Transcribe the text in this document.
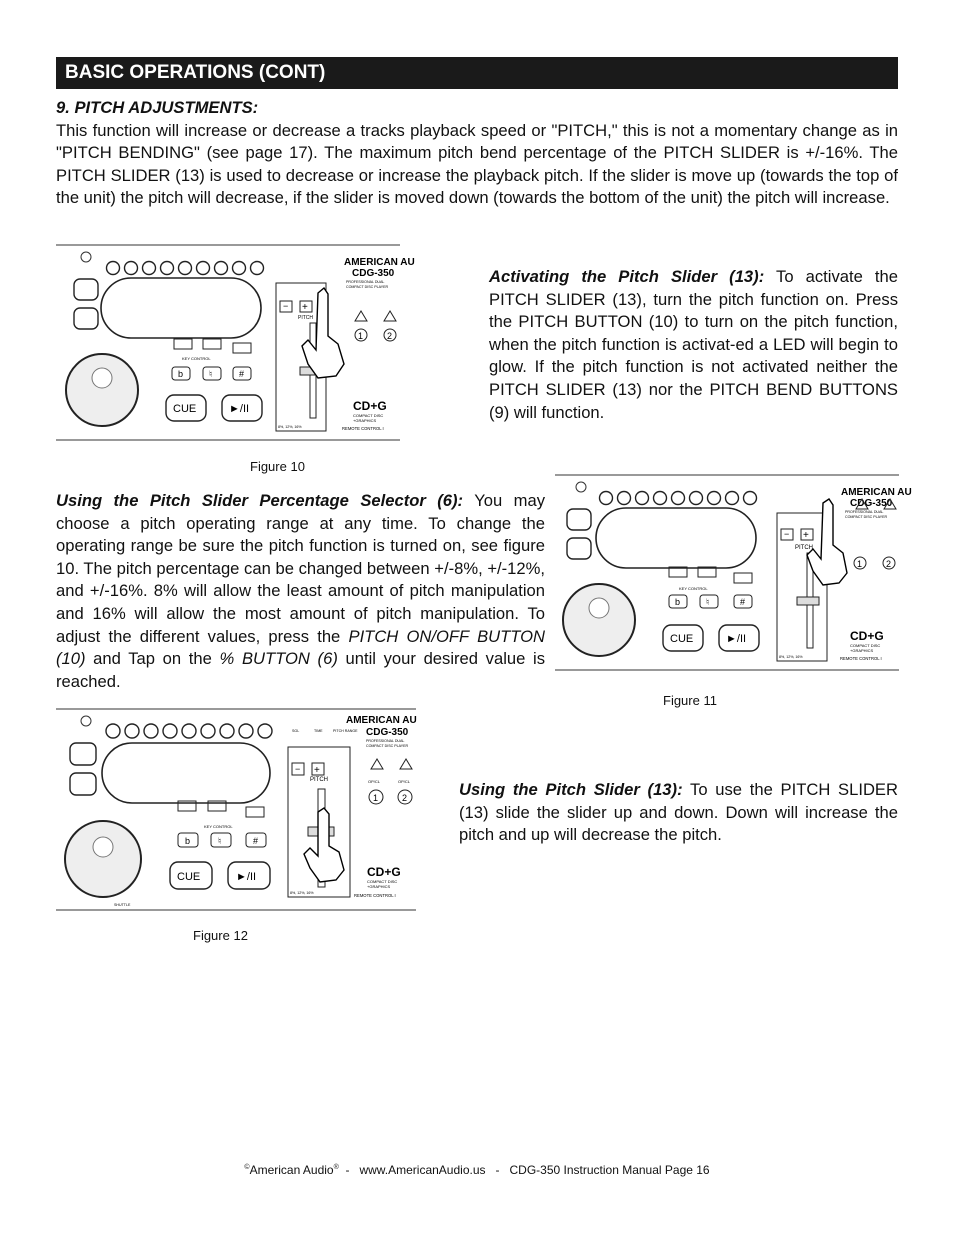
BASIC OPERATIONS (CONT)

9. PITCH ADJUSTMENTS:

This function will increase or decrease a tracks playback speed or "PITCH," this is not a momentary change as in "PITCH BENDING" (see page 17). The maximum pitch bend percentage of the PITCH SLIDER is +/-16%. The PITCH SLIDER (13) is used to decrease or increase the playback pitch. If the slider is move up (towards the top of the unit) the pitch will decrease, if the slider is moved down (towards the bottom of the unit) the pitch will increase.

KEY CONTROL
b	♮	#
CUE	►/II
AMERICAN AU
CDG-350
PROFESSIONAL DUAL
COMPACT DISC PLAYER
− +
PITCH
8%, 12%, 16%
1	2
CD+G
COMPACT DISC
+GRAPHICS
REMOTE CONTROL I
Figure 10

Activating the Pitch Slider (13): To activate the PITCH SLIDER (13), turn the pitch function on. Press the PITCH BUTTON (10) to turn on the pitch function, when the pitch function is activat-ed a LED will begin to glow. If the pitch function is not activated neither the PITCH SLIDER (13) nor the PITCH BEND BUTTONS (9) will function.

KEY CONTROL
b	♮	#
CUE	►/II
AMERICAN AU
CDG-350
PROFESSIONAL DUAL
COMPACT DISC PLAYER
− +
PITCH
8%, 12%, 16%
1	2
CD+G
COMPACT DISC
+GRAPHICS
REMOTE CONTROL I
Figure 11

Using the Pitch Slider Percentage Selector (6): You may choose a pitch operating range at any time. To change the operating range be sure the pitch function is turned on, see figure 10. The pitch percentage can be changed between +/-8%, +/-12%, and +/-16%. 8% will allow the least amount of pitch manipulation and 16% will allow the most amount of pitch manipulation. To adjust the different values, press the PITCH ON/OFF BUTTON (10) and Tap on the % BUTTON (6) until your desired value is reached.

KEY CONTROL
b	♮	#
CUE	►/II
AMERICAN AU
CDG-350
PROFESSIONAL DUAL
COMPACT DISC PLAYER
SGL	TIME	PITCH RANGE
− +
PITCH
8%, 12%, 16%
OP/CL	OP/CL
1	2
CD+G
COMPACT DISC
+GRAPHICS
REMOTE CONTROL I
SHUTTLE
Figure 12

Using the Pitch Slider (13): To use the PITCH SLIDER (13) slide the slider up and down. Down will increase the pitch and up will decrease the pitch.

©American Audio®  -   www.AmericanAudio.us   -   CDG-350 Instruction Manual Page 16
